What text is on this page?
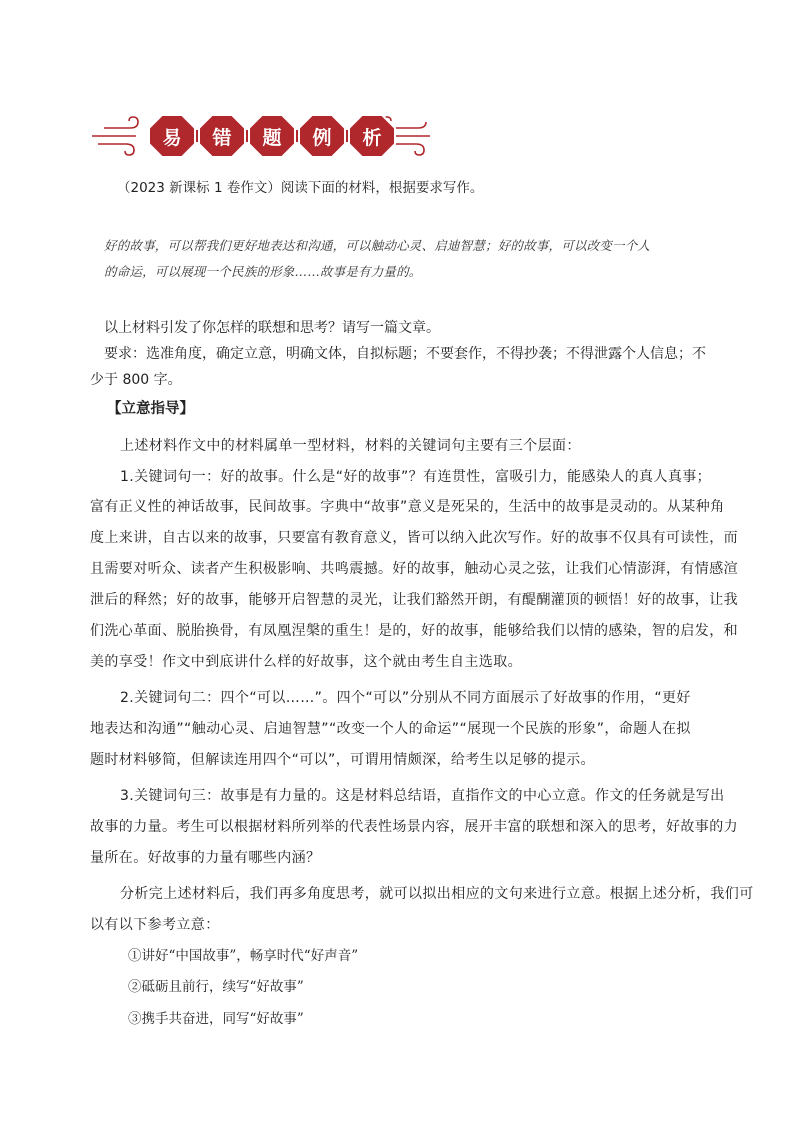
易 错 题 例 析
（2023 新课标 1 卷作文）阅读下面的材料，根据要求写作。
好的故事，可以帮我们更好地表达和沟通，可以触动心灵、启迪智慧；好的故事，可以改变一个人
的命运，可以展现一个民族的形象……故事是有力量的。
以上材料引发了你怎样的联想和思考？请写一篇文章。
要求：选准角度，确定立意，明确文体，自拟标题；不要套作，不得抄袭；不得泄露个人信息；不
少于 800 字。
【立意指导】
上述材料作文中的材料属单一型材料，材料的关键词句主要有三个层面：
1.关键词句一：好的故事。什么是“好的故事”？有连贯性，富吸引力，能感染人的真人真事；
富有正义性的神话故事，民间故事。字典中“故事”意义是死呆的，生活中的故事是灵动的。从某种角
度上来讲，自古以来的故事，只要富有教育意义，皆可以纳入此次写作。好的故事不仅具有可读性，而
且需要对听众、读者产生积极影响、共鸣震撼。好的故事，触动心灵之弦，让我们心情澎湃，有情感渲
泄后的释然；好的故事，能够开启智慧的灵光，让我们豁然开朗，有醍醐灌顶的顿悟！好的故事，让我
们洗心革面、脱胎换骨，有凤凰涅槃的重生！是的，好的故事，能够给我们以情的感染，智的启发，和
美的享受！作文中到底讲什么样的好故事，这个就由考生自主选取。
2.关键词句二：四个“可以……”。四个“可以”分别从不同方面展示了好故事的作用，“更好
地表达和沟通”“触动心灵、启迪智慧”“改变一个人的命运”“展现一个民族的形象”，命题人在拟
题时材料够简，但解读连用四个“可以”，可谓用情颇深，给考生以足够的提示。
3.关键词句三：故事是有力量的。这是材料总结语，直指作文的中心立意。作文的任务就是写出
故事的力量。考生可以根据材料所列举的代表性场景内容，展开丰富的联想和深入的思考，好故事的力
量所在。好故事的力量有哪些内涵？
分析完上述材料后，我们再多角度思考，就可以拟出相应的文句来进行立意。根据上述分析，我们可
以有以下参考立意：
①讲好“中国故事”，畅享时代“好声音”
②砥砺且前行，续写“好故事”
③携手共奋进，同写“好故事”
